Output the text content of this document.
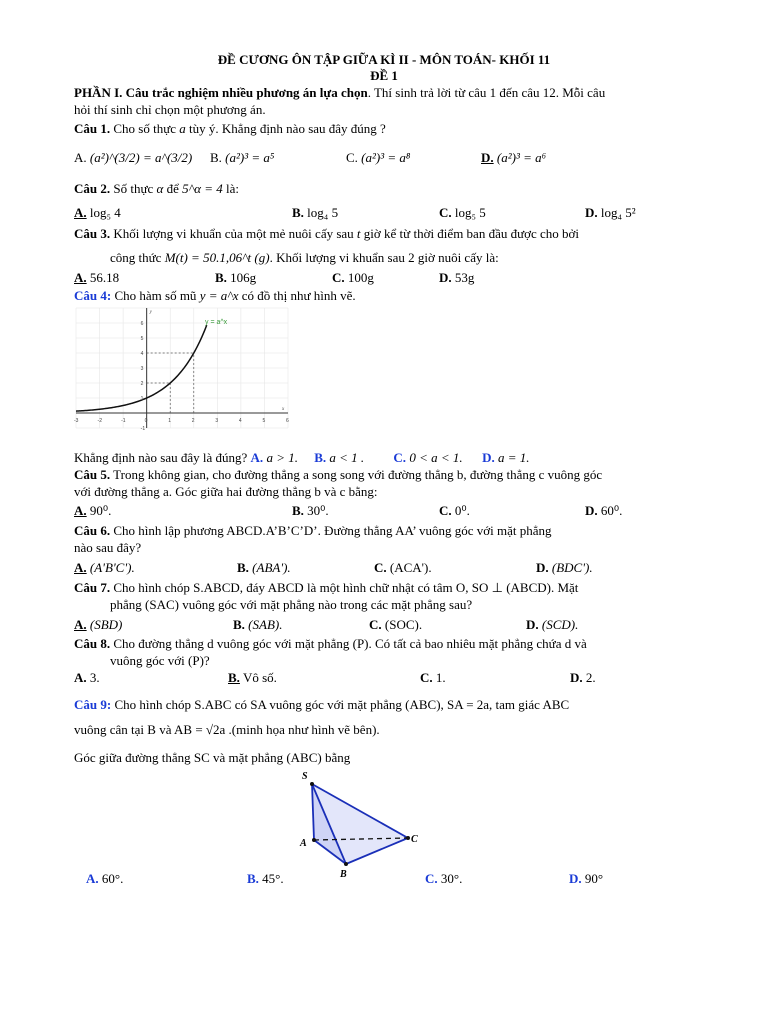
ĐỀ CƯƠNG ÔN TẬP GIỮA KÌ II - MÔN TOÁN- KHỐI 11
ĐỀ 1
PHẦN I. Câu trắc nghiệm nhiều phương án lựa chọn. Thí sinh trả lời từ câu 1 đến câu 12. Mỗi câu
hỏi thí sinh chỉ chọn một phương án.
Câu 1. Cho số thực a tùy ý. Khẳng định nào sau đây đúng ?
A. (a²)^(3/2) = a^(3/2) B. (a²)³ = a⁵	C. (a²)³ = a⁸	D. (a²)³ = a⁶
Câu 2. Số thực α để 5^α = 4 là:
A. log₅ 4	B. log₄ 5	C. log₅ 5	D. log₄ 5²
Câu 3. Khối lượng vi khuẩn của một mẻ nuôi cấy sau t giờ kể từ thời điểm ban đầu được cho bởi
công thức M(t) = 50.1,06^t (g). Khối lượng vi khuẩn sau 2 giờ nuôi cấy là:
A. 56.18	B. 106g	C. 100g	D. 53g
Câu 4: Cho hàm số mũ y = a^x có đồ thị như hình vẽ.
y = a^x
-3	-2	-1	0	1	2	3	4	5	6
-1
1
2
3
4
5
6
x
y
Khẳng định nào sau đây là đúng? A. a > 1. B. a < 1 . C. 0 < a < 1. D. a = 1.
Câu 5. Trong không gian, cho đường thẳng a song song với đường thẳng b, đường thẳng c vuông góc
với đường thẳng a. Góc giữa hai đường thẳng b và c bằng:
A. 90⁰.	B. 30⁰.	C. 0⁰.	D. 60⁰.
Câu 6. Cho hình lập phương ABCD.A’B’C’D’. Đường thẳng AA’ vuông góc với mặt phẳng
nào sau đây?
A. (A'B'C').	B. (ABA').	C. (ACA').	D. (BDC').
Câu 7. Cho hình chóp S.ABCD, đáy ABCD là một hình chữ nhật có tâm O, SO ⊥ (ABCD). Mặt
phẳng (SAC) vuông góc với mặt phẳng nào trong các mặt phẳng sau?
A. (SBD)	B. (SAB).	C. (SOC).	D. (SCD).
Câu 8. Cho đường thẳng d vuông góc với mặt phẳng (P). Có tất cả bao nhiêu mặt phẳng chứa d và
vuông góc với (P)?
A. 3.	B. Vô số.	C. 1.	D. 2.
Câu 9: Cho hình chóp S.ABC có SA vuông góc với mặt phẳng (ABC), SA = 2a, tam giác ABC
vuông cân tại B và AB = √2a .(minh họa như hình vẽ bên).
Góc giữa đường thẳng SC và mặt phẳng (ABC) bằng
S
A
B
C
A. 60°.	B. 45°.	C. 30°.	D. 90°
